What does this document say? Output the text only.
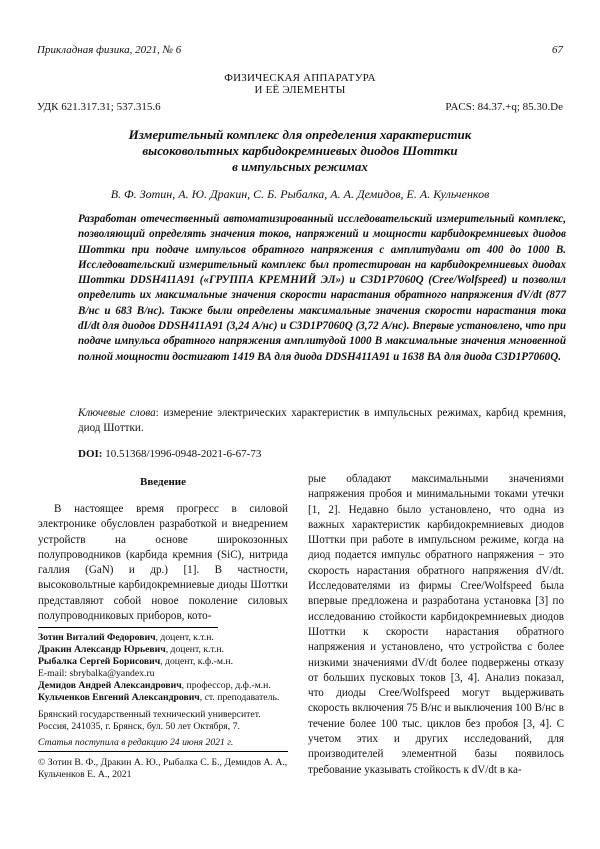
Прикладная физика, 2021, № 6	67
ФИЗИЧЕСКАЯ АППАРАТУРА
И ЕЁ ЭЛЕМЕНТЫ
УДК 621.317.31; 537.315.6	PACS: 84.37.+q; 85.30.De
Измерительный комплекс для определения характеристик
высоковольтных карбидокремниевых диодов Шоттки
в импульсных режимах
В. Ф. Зотин, А. Ю. Дракин, С. Б. Рыбалка, А. А. Демидов, Е. А. Кульченков
Разработан отечественный автоматизированный исследовательский измерительный комплекс, позволяющий определять значения токов, напряжений и мощности карбидокремниевых диодов Шоттки при подаче импульсов обратного напряжения с амплитудами от 400 до 1000 В. Исследовательский измерительный комплекс был протестирован на карбидокремниевых диодах Шоттки DDSH411A91 («ГРУППА КРЕМНИЙ ЭЛ») и C3D1P7060Q (Cree/Wolfspeed) и позволил определить их максимальные значения скорости нарастания обратного напряжения dV/dt (877 В/нс и 683 В/нс). Также были определены максимальные значения скорости нарастания тока dI/dt для диодов DDSH411A91 (3,24 А/нс) и C3D1P7060Q (3,72 А/нс). Впервые установлено, что при подаче импульса обратного напряжения амплитудой 1000 В максимальные значения мгновенной полной мощности достигают 1419 ВА для диода DDSH411A91 и 1638 ВА для диода C3D1P7060Q.
Ключевые слова: измерение электрических характеристик в импульсных режимах, карбид кремния, диод Шоттки.
DOI: 10.51368/1996-0948-2021-6-67-73
Введение

В настоящее время прогресс в силовой электронике обусловлен разработкой и внедрением устройств на основе широкозонных полупроводников (карбида кремния (SiC), нитрида галлия (GaN) и др.) [1]. В частности, высоковольтные карбидокремниевые диоды Шоттки представляют собой новое поколение силовых полупроводниковых приборов, кото-

рые обладают максимальными значениями напряжения пробоя и минимальными токами утечки [1, 2]. Недавно было установлено, что одна из важных характеристик карбидокремниевых диодов Шоттки при работе в импульсном режиме, когда на диод подается импульс обратного напряжения − это скорость нарастания обратного напряжения dV/dt. Исследователями из фирмы Cree/Wolfspeed была впервые предложена и разработана установка [3] по исследованию стойкости карбидокремниевых диодов Шоттки к скорости нарастания обратного напряжения и установлено, что устройства с более низкими значениями dV/dt более подвержены отказу от больших пусковых токов [3, 4]. Анализ показал, что диоды Cree/Wolfspeed могут выдерживать скорость включения 75 В/нс и выключения 100 В/нс в течение более 100 тыс. циклов без пробоя [3, 4]. С учетом этих и других исследований, для производителей элементной базы появилось требование указывать стойкость к dV/dt в ка-

Зотин Виталий Федорович, доцент, к.т.н.

Дракин Александр Юрьевич, доцент, к.т.н.

Рыбалка Сергей Борисович, доцент, к.ф.-м.н.

E-mail: sbrybalka@yandex.ru

Демидов Андрей Александрович, профессор, д.ф.-м.н.

Кульченков Евгений Александрович, ст. преподаватель.

Брянский государственный технический университет. Россия, 241035, г. Брянск, бул. 50 лет Октября, 7.

Статья поступила в редакцию 24 июня 2021 г.

© Зотин В. Ф., Дракин А. Ю., Рыбалка С. Б., Демидов А. А., Кульченков Е. А., 2021
